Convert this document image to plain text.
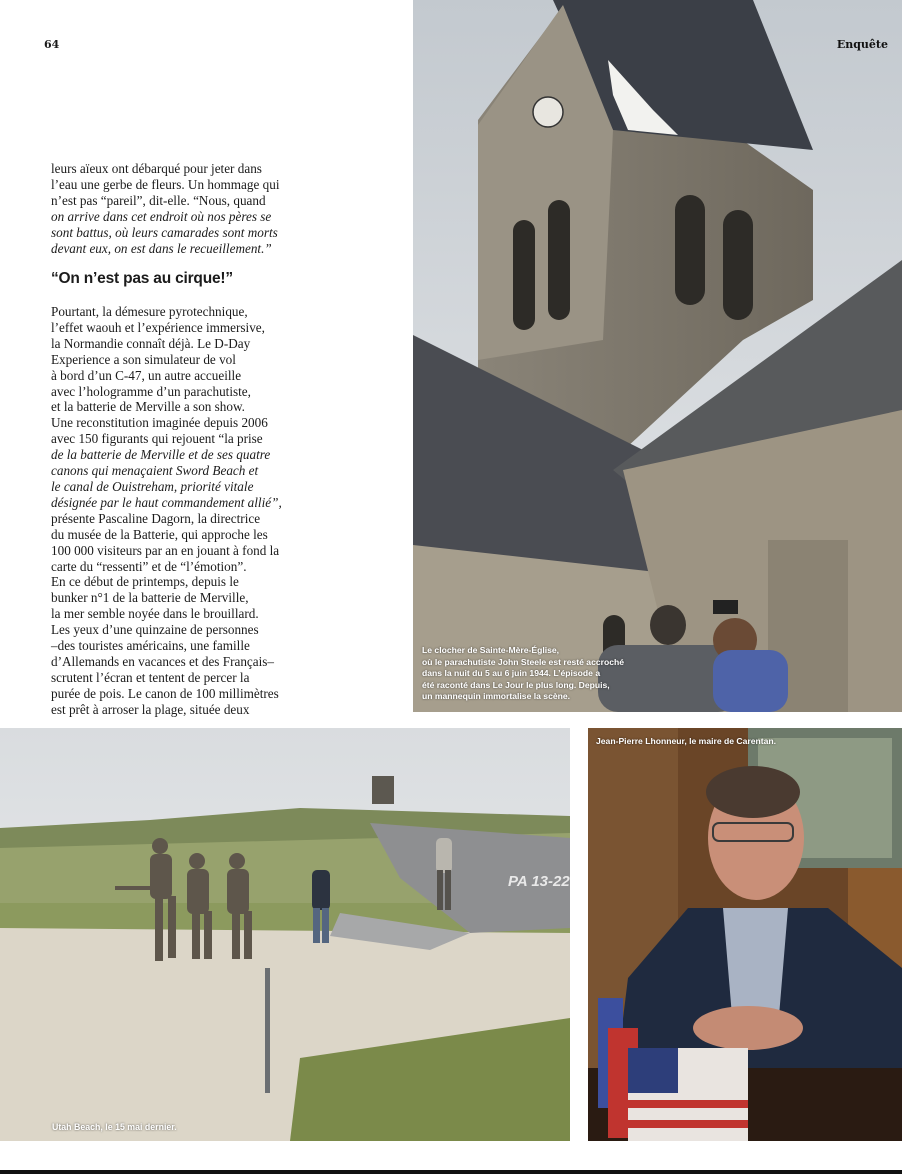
64
leurs aïeux ont débarqué pour jeter dans
l’eau une gerbe de fleurs. Un hommage qui
n’est pas “pareil”, dit-elle. “Nous, quand
on arrive dans cet endroit où nos pères se
sont battus, où leurs camarades sont morts
devant eux, on est dans le recueillement.”
“On n’est pas au cirque!”
Pourtant, la démesure pyrotechnique,
l’effet waouh et l’expérience immersive,
la Normandie connaît déjà. Le D-Day
Experience a son simulateur de vol
à bord d’un C-47, un autre accueille
avec l’hologramme d’un parachutiste,
et la batterie de Merville a son show.
Une reconstitution imaginée depuis 2006
avec 150 figurants qui rejouent “la prise
de la batterie de Merville et de ses quatre
canons qui menaçaient Sword Beach et
le canal de Ouistreham, priorité vitale
désignée par le haut commandement allié”,
présente Pascaline Dagorn, la directrice
du musée de la Batterie, qui approche les
100 000 visiteurs par an en jouant à fond la
carte du “ressenti” et de “l’émotion”.
En ce début de printemps, depuis le
bunker n°1 de la batterie de Merville,
la mer semble noyée dans le brouillard.
Les yeux d’une quinzaine de personnes
–des touristes américains, une famille
d’Allemands en vacances et des Français–
scrutent l’écran et tentent de percer la
purée de pois. Le canon de 100 millimètres
est prêt à arroser la plage, située deux
Le clocher de Sainte-Mère-Église,
où le parachutiste John Steele est resté accroché
dans la nuit du 5 au 6 juin 1944. L’épisode a
été raconté dans Le Jour le plus long. Depuis,
un mannequin immortalise la scène.
Enquête
PA 13-22
Utah Beach, le 15 mai dernier.
Jean-Pierre Lhonneur, le maire de Carentan.
